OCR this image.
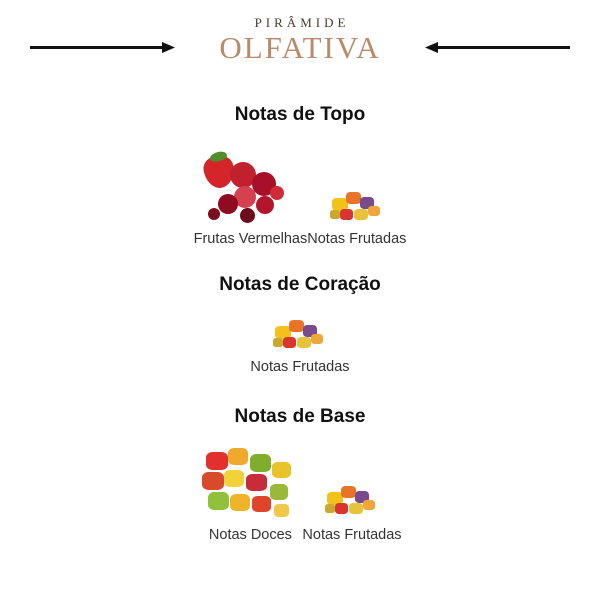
PIRÂMIDE
OLFATIVA
Notas de Topo
Frutas Vermelhas Notas Frutadas
Notas de Coração
Notas Frutadas
Notas de Base
Notas Doces Notas Frutadas
